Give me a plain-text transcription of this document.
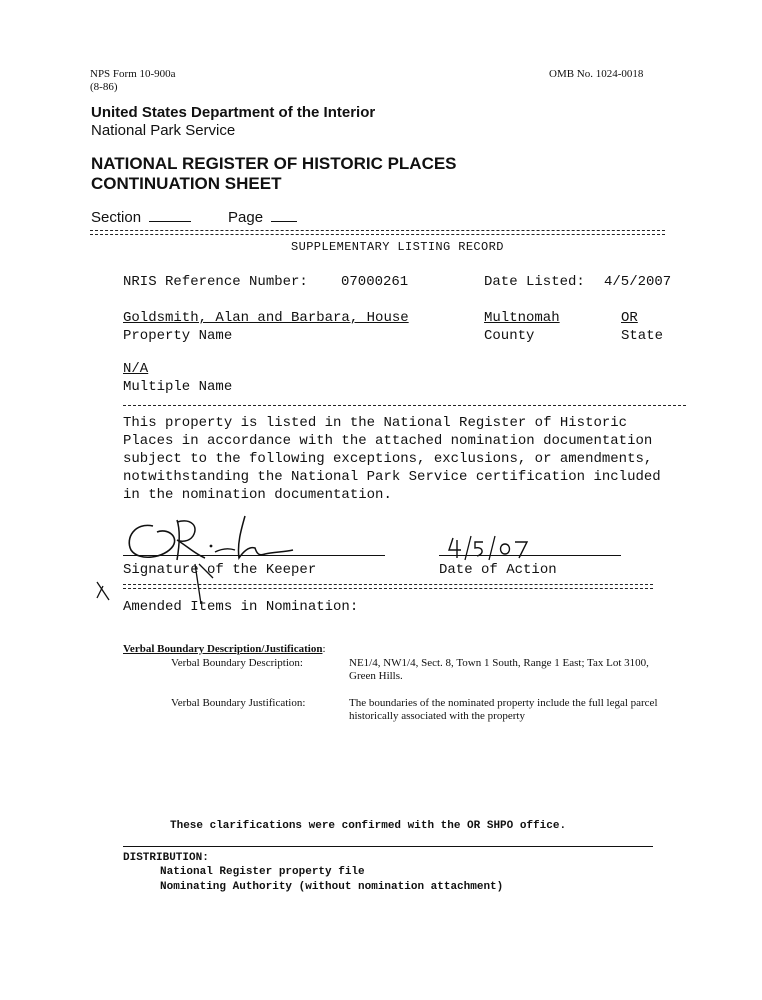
NPS Form 10-900a
(8-86)
OMB No. 1024-0018
United States Department of the Interior
National Park Service
NATIONAL REGISTER OF HISTORIC PLACES
CONTINUATION SHEET
Section	Page
SUPPLEMENTARY LISTING RECORD
NRIS Reference Number: 07000261	Date Listed: 4/5/2007
Goldsmith, Alan and Barbara, House	Multnomah	OR
Property Name	County	State
N/A
Multiple Name
This property is listed in the National Register of Historic
Places in accordance with the attached nomination documentation
subject to the following exceptions, exclusions, or amendments,
notwithstanding the National Park Service certification included
in the nomination documentation.
Signature of the Keeper	Date of Action
Amended Items in Nomination:
Verbal Boundary Description/Justification:
Verbal Boundary Description:	NE1/4, NW1/4, Sect. 8, Town 1 South, Range 1 East; Tax Lot 3100,
Green Hills.
Verbal Boundary Justification:	The boundaries of the nominated property include the full legal parcel
historically associated with the property
These clarifications were confirmed with the OR SHPO office.
DISTRIBUTION:
National Register property file
Nominating Authority (without nomination attachment)
